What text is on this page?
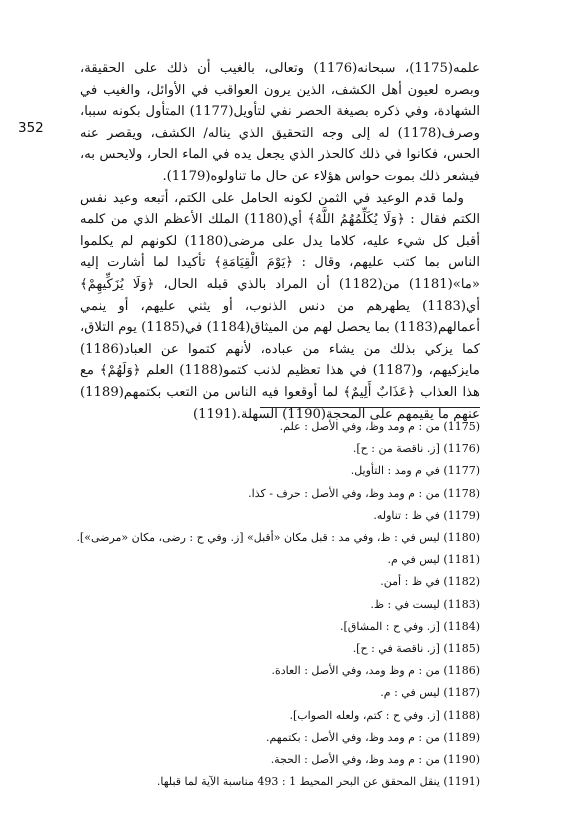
352

علمه(1175)، سبحانه(1176) وتعالى، بالغيب أن ذلك على الحقيقة، وبصره لعيون أهل الكشف، الذين يرون العواقب في الأوائل، والغيب في الشهادة، وفي ذكره بصيغة الحصر نفي لتأويل(1177) المتأول بكونه سببا، وصرف(1178) له إلى وجه التحقيق الذي يناله/ الكشف، ويقصر عنه الحس، فكانوا في ذلك كالحذر الذي يجعل يده في الماء الحار، ولايحس به، فيشعر ذلك بموت حواس هؤلاء عن حال ما تناولوه(1179).

ولما قدم الوعيد في الثمن لكونه الحامل على الكتم، أتبعه وعيد نفس الكتم فقال : ﴿وَلَا يُكَلِّمُهُمُ اللَّهُ﴾ أي(1180) الملك الأعظم الذي من كلمه أقبل كل شيء عليه، كلاما يدل على مرضى(1180) لكونهم لم يكلموا الناس بما كتب عليهم، وقال : ﴿يَوْمَ الْقِيَامَةِ﴾ تأكيدا لما أشارت إليه «ما»(1181) من(1182) أن المراد بالذي قبله الحال، ﴿وَلَا يُزَكِّيهِمْ﴾ أي(1183) يطهرهم من دنس الذنوب، أو يثني عليهم، أو ينمي أعمالهم(1183) بما يحصل لهم من الميثاق(1184) في(1185) يوم التلاق، كما يزكي بذلك من يشاء من عباده، لأنهم كتموا عن العباد(1186) مايزكيهم، و(1187) في هذا تعظيم لذنب كتمو(1188) العلم ﴿وَلَهُمْ﴾ مع هذا العذاب ﴿عَذَابٌ أَلِيمٌ﴾ لما أوقعوا فيه الناس من التعب بكتمهم(1189) عنهم ما يقيمهم على المحجة(1190) السهلة.(1191)

(1175) من : م ومد وظ، وفي الأصل : علم.
(1176) [ز. ناقصة من : ح].
(1177) في م ومد : التأويل.
(1178) من : م ومد وظ، وفي الأصل : حرف - كذا.
(1179) في ظ : تناوله.
(1180) ليس في : ظ، وفي مد : قبل مكان «أقبل» [ز. وفي ح : رضى، مكان «مرضى»].
(1181) ليس في م.
(1182) في ظ : أمن.
(1183) ليست في : ظ.
(1184) [ز. وفي ح : المشاق].
(1185) [ز. ناقصة في : ح].
(1186) من : م وظ ومد، وفي الأصل : العادة.
(1187) ليس في : م.
(1188) [ز. وفي ح : كتم، ولعله الصواب].
(1189) من : م ومد وظ، وفي الأصل : بكتمهم.
(1190) من : م ومد وظ، وفي الأصل : الحجة.
(1191) ينقل المحقق عن البحر المحيط 1 : 493 مناسبة الآية لما قبلها.
